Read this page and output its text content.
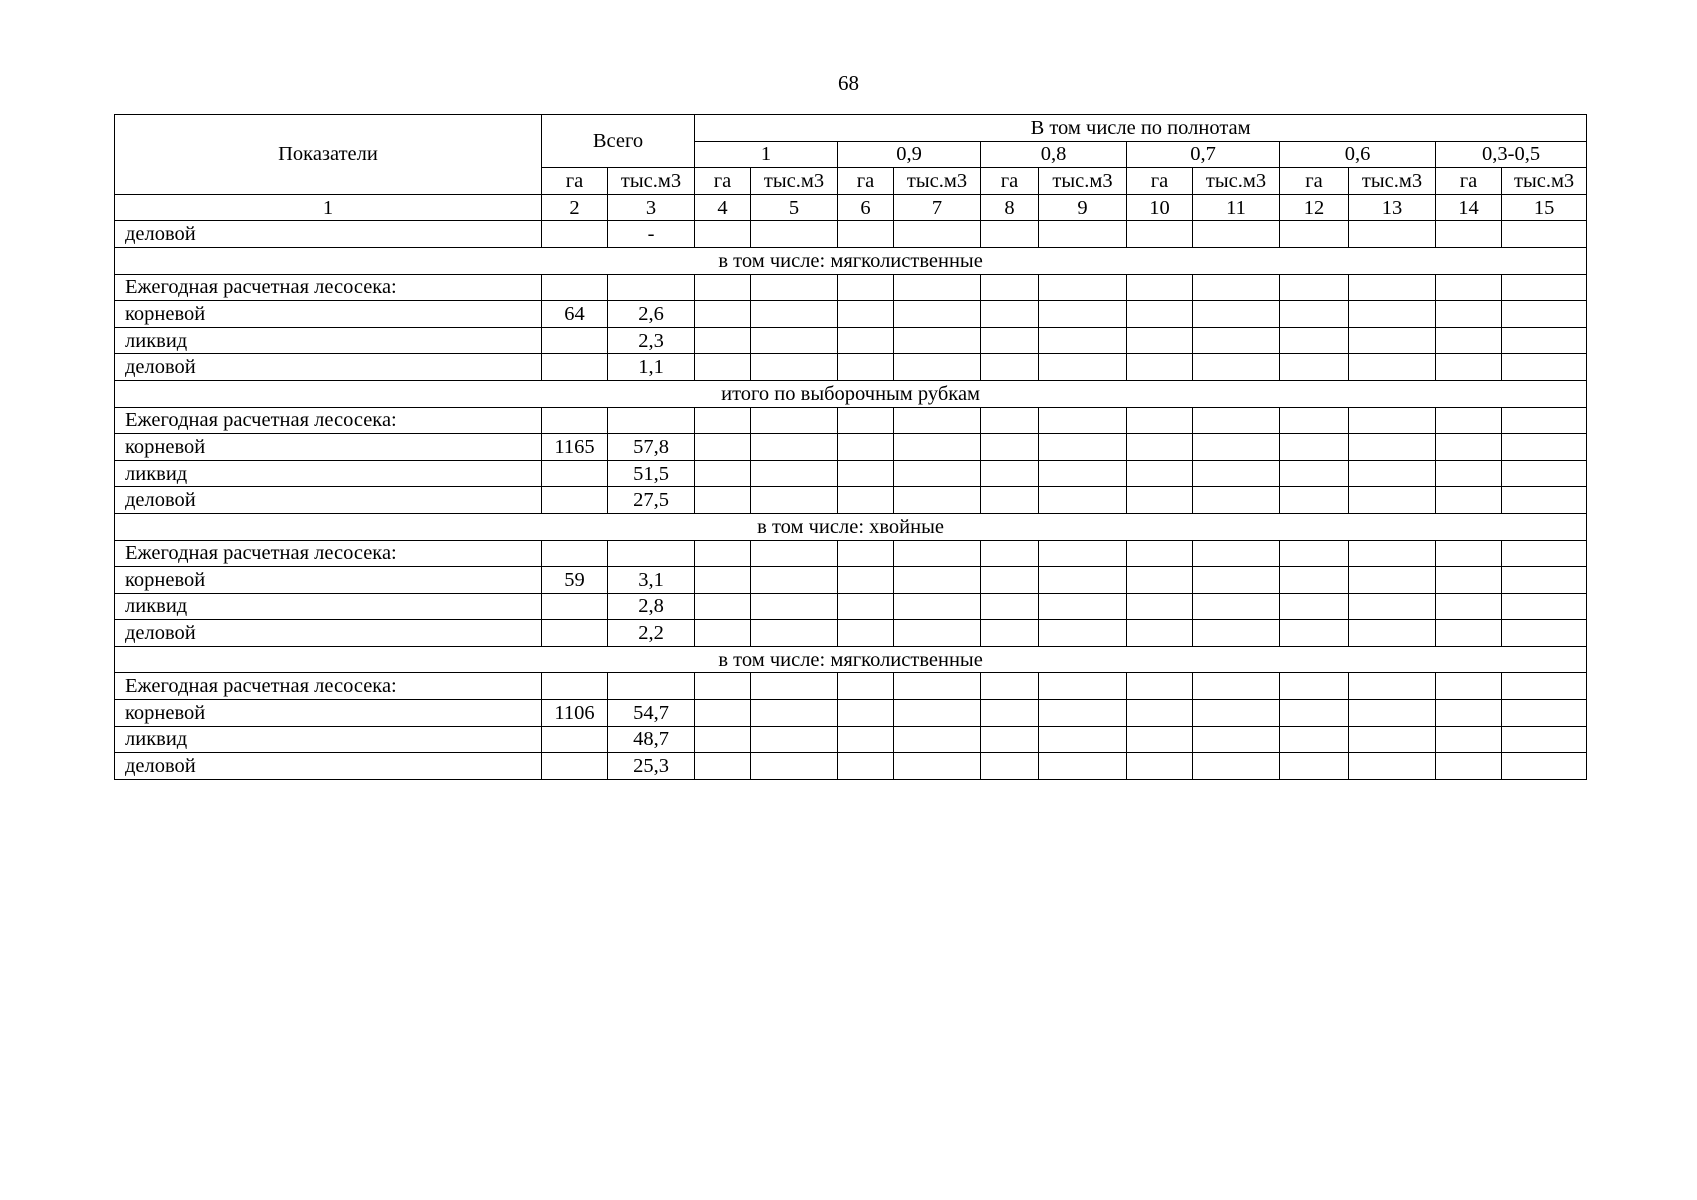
68
Показатели	Всего		В том числе по полнотам											
			1		0,9		0,8		0,7		0,6		0,3-0,5	
	га	тыс.м3	га	тыс.м3	га	тыс.м3	га	тыс.м3	га	тыс.м3	га	тыс.м3	га	тыс.м3
1	2	3	4	5	6	7	8	9	10	11	12	13	14	15
деловой		-												
в том числе: мягколиственные														
Ежегодная расчетная лесосека:														
корневой	64	2,6												
ликвид		2,3												
деловой		1,1												
итого по выборочным рубкам														
Ежегодная расчетная лесосека:														
корневой	1165	57,8												
ликвид		51,5												
деловой		27,5												
в том числе: хвойные														
Ежегодная расчетная лесосека:														
корневой	59	3,1												
ликвид		2,8												
деловой		2,2												
в том числе: мягколиственные														
Ежегодная расчетная лесосека:														
корневой	1106	54,7												
ликвид		48,7												
деловой		25,3												
